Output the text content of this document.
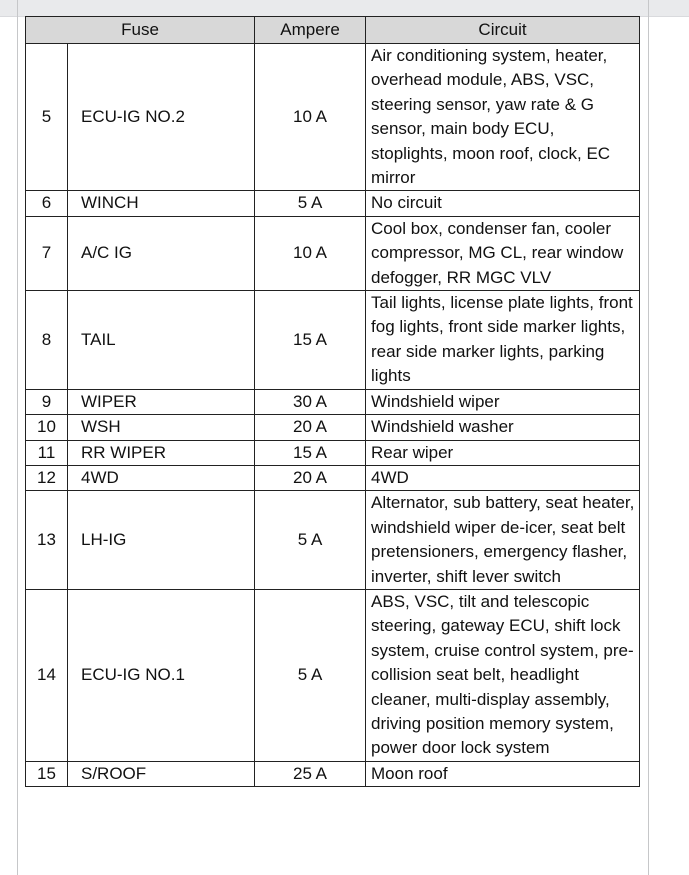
Fuse		Ampere	Circuit
5	ECU-IG NO.2	10 A	Air conditioning system, heater, overhead module, ABS, VSC, steering sensor, yaw rate & G sensor, main body ECU, stoplights, moon roof, clock, EC mirror
6	WINCH	5 A	No circuit
7	A/C IG	10 A	Cool box, condenser fan, cooler compressor, MG CL, rear window defogger, RR MGC VLV
8	TAIL	15 A	Tail lights, license plate lights, front fog lights, front side marker lights, rear side marker lights, parking lights
9	WIPER	30 A	Windshield wiper
10	WSH	20 A	Windshield washer
11	RR WIPER	15 A	Rear wiper
12	4WD	20 A	4WD
13	LH-IG	5 A	Alternator, sub battery, seat heater, windshield wiper de-icer, seat belt pretensioners, emergency flasher, inverter, shift lever switch
14	ECU-IG NO.1	5 A	ABS, VSC, tilt and telescopic steering, gateway ECU, shift lock system, cruise control system, pre-collision seat belt, headlight cleaner, multi-display assembly, driving position memory system, power door lock system
15	S/ROOF	25 A	Moon roof
